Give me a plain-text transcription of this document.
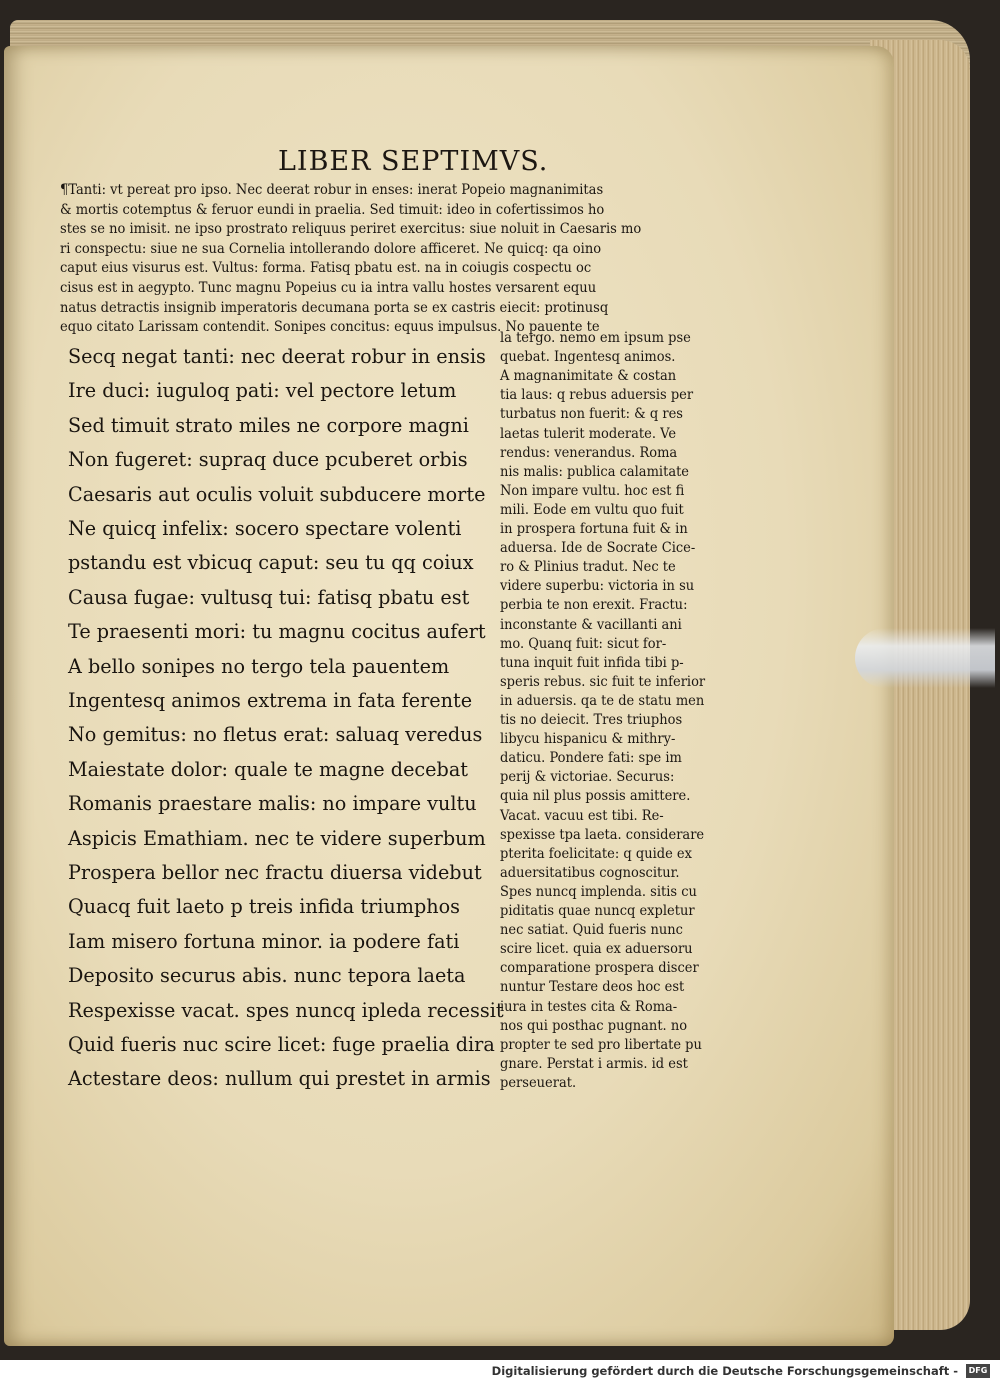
LIBER SEPTIMVS.
¶Tanti: vt pereat pro ipso. Nec deerat robur in enses: inerat Popeio magnanimitas
& mortis cotemptus & feruor eundi in praelia. Sed timuit: ideo in cofertissimos ho
stes se no imisit. ne ipso prostrato reliquus periret exercitus: siue noluit in Caesaris mo
ri conspectu: siue ne sua Cornelia intollerando dolore afficeret. Ne quicq: qa oino
caput eius visurus est. Vultus: forma. Fatisq pbatu est. na in coiugis cospectu oc
cisus est in aegypto. Tunc magnu Popeius cu ia intra vallu hostes versarent equu
natus detractis insignib imperatoris decumana porta se ex castris eiecit: protinusq
equo citato Larissam contendit. Sonipes concitus: equus impulsus. No pauente te
Secq negat tanti: nec deerat robur in ensis
Ire duci: iuguloq pati: vel pectore letum
Sed timuit strato miles ne corpore magni
Non fugeret: supraq duce pcuberet orbis
Caesaris aut oculis voluit subducere morte
Ne quicq infelix: socero spectare volenti
pstandu est vbicuq caput: seu tu qq coiux
Causa fugae: vultusq tui: fatisq pbatu est
Te praesenti mori: tu magnu cocitus aufert
A bello sonipes no tergo tela pauentem
Ingentesq animos extrema in fata ferente
No gemitus: no fletus erat: saluaq veredus
Maiestate dolor: quale te magne decebat
Romanis praestare malis: no impare vultu
Aspicis Emathiam. nec te videre superbum
Prospera bellor nec fractu diuersa videbut
Quacq fuit laeto p treis infida triumphos
Iam misero fortuna minor. ia podere fati
Deposito securus abis. nunc tepora laeta
Respexisse vacat. spes nuncq ipleda recessit
Quid fueris nuc scire licet: fuge praelia dira
Actestare deos: nullum qui prestet in armis
la tergo. nemo em ipsum pse
quebat. Ingentesq animos.
A magnanimitate & costan
tia laus: q rebus aduersis per
turbatus non fuerit: & q res
laetas tulerit moderate. Ve
rendus: venerandus. Roma
nis malis: publica calamitate
Non impare vultu. hoc est fi
mili. Eode em vultu quo fuit
in prospera fortuna fuit & in
aduersa. Ide de Socrate Cice-
ro & Plinius tradut. Nec te
videre superbu: victoria in su
perbia te non erexit. Fractu:
inconstante & vacillanti ani
mo. Quanq fuit: sicut for-
tuna inquit fuit infida tibi p-
speris rebus. sic fuit te inferior
in aduersis. qa te de statu men
tis no deiecit. Tres triuphos
libycu hispanicu & mithry-
daticu. Pondere fati: spe im
perij & victoriae. Securus:
quia nil plus possis amittere.
Vacat. vacuu est tibi. Re-
spexisse tpa laeta. considerare
pterita foelicitate: q quide ex
aduersitatibus cognoscitur.
Spes nuncq implenda. sitis cu
piditatis quae nuncq expletur
nec satiat. Quid fueris nunc
scire licet. quia ex aduersoru
comparatione prospera discer
nuntur Testare deos hoc est
iura in testes cita & Roma-
nos qui posthac pugnant. no
propter te sed pro libertate pu
gnare. Perstat i armis. id est
perseuerat.
Digitalisierung gefördert durch die Deutsche Forschungsgemeinschaft -	DFG
